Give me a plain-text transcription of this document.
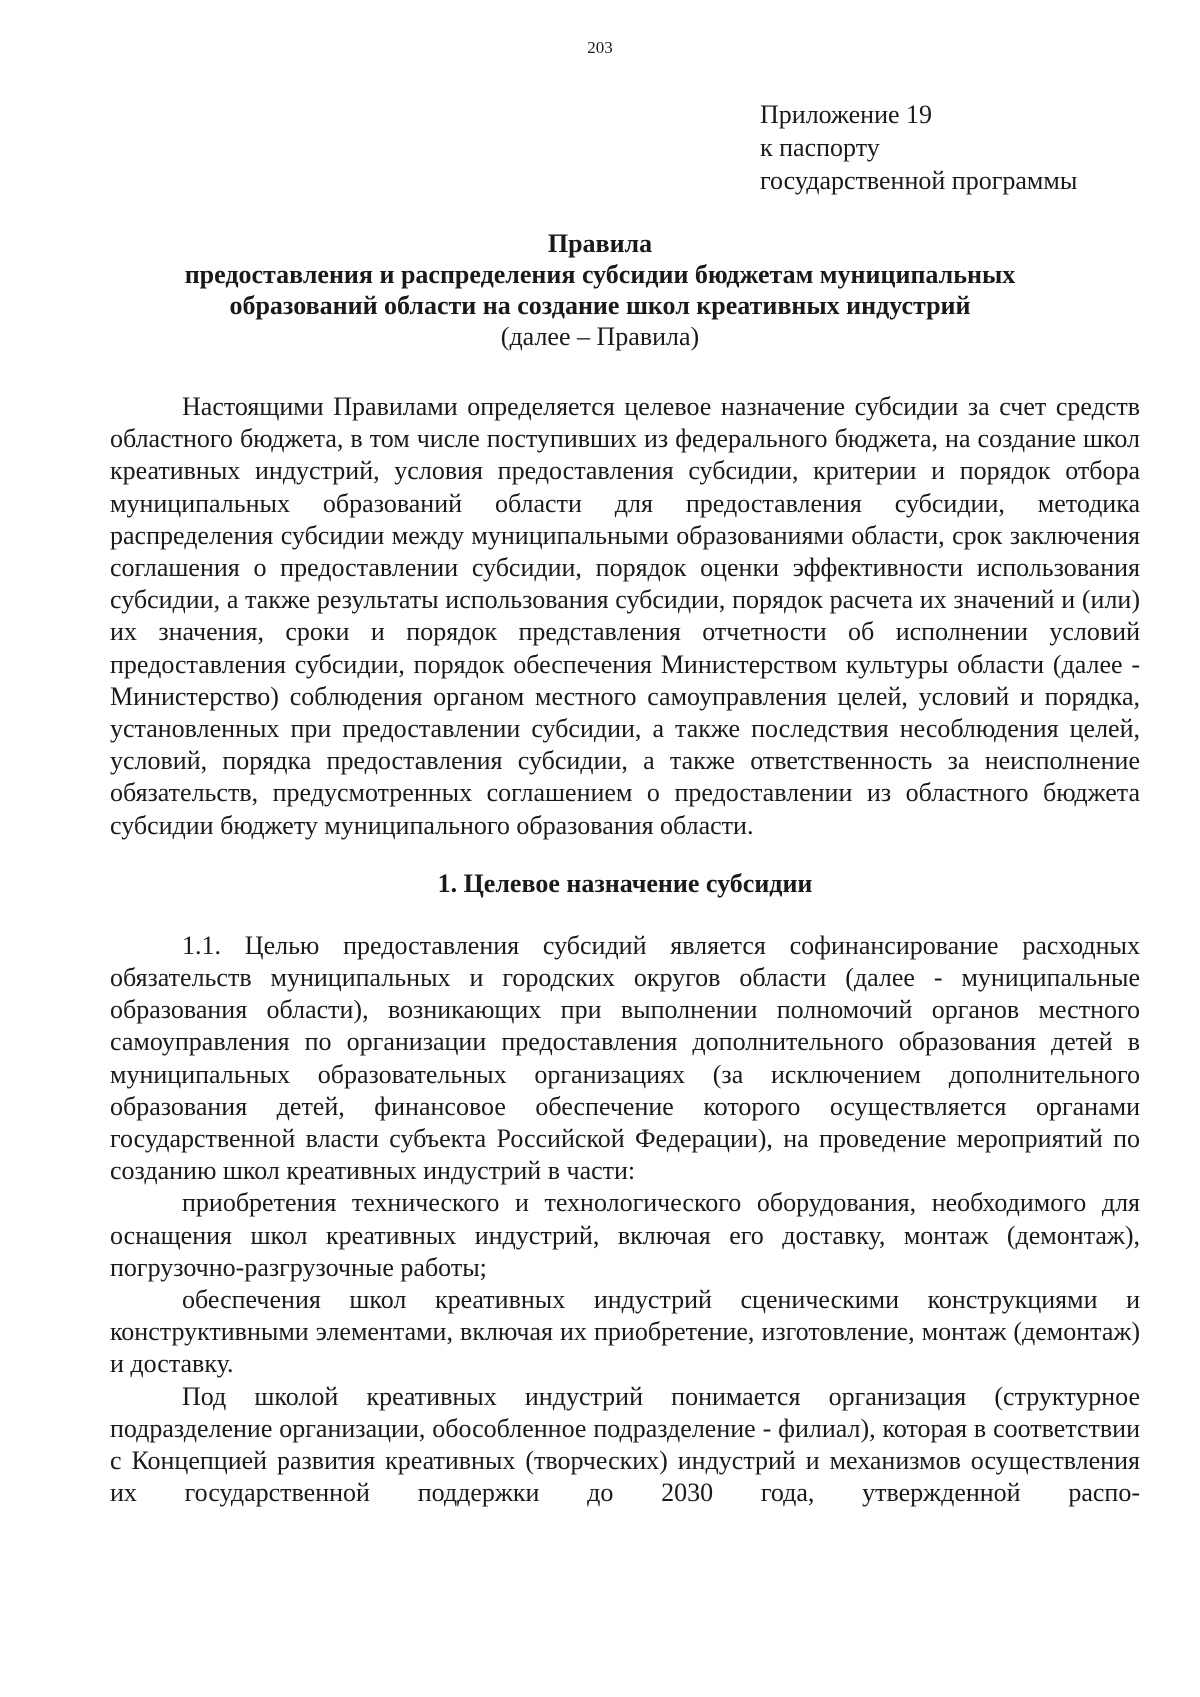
203
Приложение 19
к паспорту
государственной программы
Правила
предоставления и распределения субсидии бюджетам муниципальных
образований области на создание школ креативных индустрий
(далее – Правила)

Настоящими Правилами определяется целевое назначение субсидии за счет средств областного бюджета, в том числе поступивших из федерального бюджета, на создание школ креативных индустрий, условия предоставления субсидии, критерии и порядок отбора муниципальных образований области для предоставления субсидии, методика распределения субсидии между муниципальными образованиями области, срок заключения соглашения о предоставлении субсидии, порядок оценки эффективности использования субсидии, а также результаты использования субсидии, порядок расчета их значений и (или) их значения, сроки и порядок представления отчетности об исполнении условий предоставления субсидии, порядок обеспечения Министерством культуры области (далее - Министерство) соблюдения органом местного самоуправления целей, условий и порядка, установленных при предоставлении субсидии, а также последствия несоблюдения целей, условий, порядка предоставления субсидии, а также ответственность за неисполнение обязательств, предусмотренных соглашением о предоставлении из областного бюджета субсидии бюджету муниципального образования области.

1. Целевое назначение субсидии

1.1. Целью предоставления субсидий является софинансирование расходных обязательств муниципальных и городских округов области (далее - муниципальные образования области), возникающих при выполнении полномочий органов местного самоуправления по организации предоставления дополнительного образования детей в муниципальных образовательных организациях (за исключением дополнительного образования детей, финансовое обеспечение которого осуществляется органами государственной власти субъекта Российской Федерации), на проведение мероприятий по созданию школ креативных индустрий в части:

приобретения технического и технологического оборудования, необходимого для оснащения школ креативных индустрий, включая его доставку, монтаж (демонтаж), погрузочно-разгрузочные работы;

обеспечения школ креативных индустрий сценическими конструкциями и конструктивными элементами, включая их приобретение, изготовление, монтаж (демонтаж) и доставку.

Под школой креативных индустрий понимается организация (структурное подразделение организации, обособленное подразделение - филиал), которая в соответствии с Концепцией развития креативных (творческих) индустрий и механизмов осуществления их государственной поддержки до 2030 года, утвержденной распо-
